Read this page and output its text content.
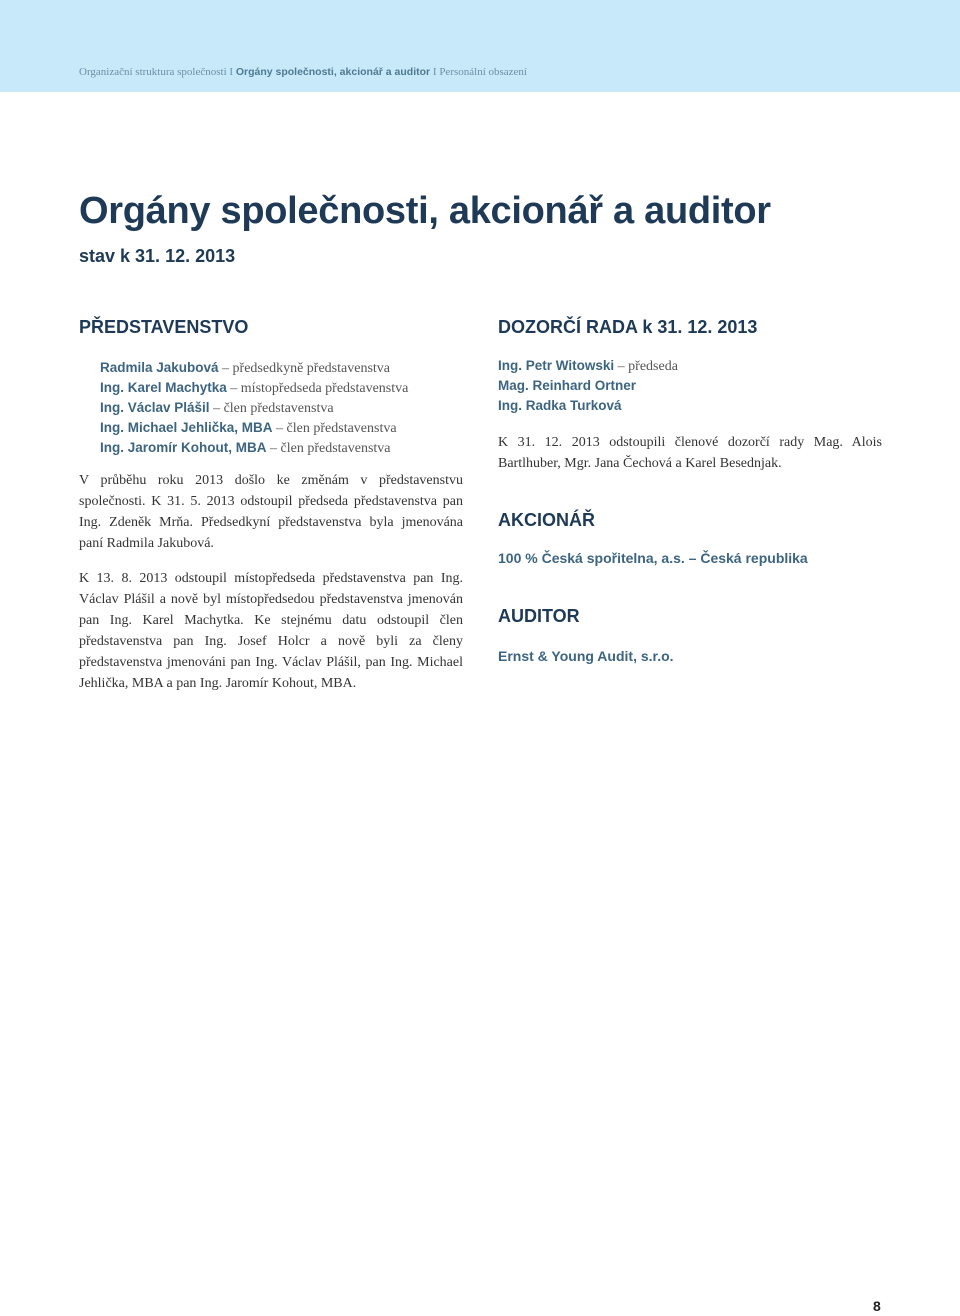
Organizační struktura společnosti I Orgány společnosti, akcionář a auditor I Personální obsazení
Orgány společnosti, akcionář a auditor
stav k 31. 12. 2013
PŘEDSTAVENSTVO
Radmila Jakubová – předsedkyně představenstva
Ing. Karel Machytka – místopředseda představenstva
Ing. Václav Plášil – člen představenstva
Ing. Michael Jehlička, MBA – člen představenstva
Ing. Jaromír Kohout, MBA – člen představenstva

V průběhu roku 2013 došlo ke změnám v představenstvu společnosti. K 31. 5. 2013 odstoupil předseda představenstva pan Ing. Zdeněk Mrňa. Předsedkyní představenstva byla jmenována paní Radmila Jakubová.

K 13. 8. 2013 odstoupil místopředseda představenstva pan Ing. Václav Plášil a nově byl místopředsedou představenstva jmenován pan Ing. Karel Machytka. Ke stejnému datu odstoupil člen představenstva pan Ing. Josef Holcr a nově byli za členy představenstva jmenováni pan Ing. Václav Plášil, pan Ing. Michael Jehlička, MBA a pan Ing. Jaromír Kohout, MBA.

DOZORČÍ RADA k 31. 12. 2013
Ing. Petr Witowski – předseda
Mag. Reinhard Ortner
Ing. Radka Turková

K 31. 12. 2013 odstoupili členové dozorčí rady Mag. Alois Bartlhuber, Mgr. Jana Čechová a Karel Besednjak.

AKCIONÁŘ
100 % Česká spořitelna, a.s. – Česká republika
AUDITOR
Ernst & Young Audit, s.r.o.
8
